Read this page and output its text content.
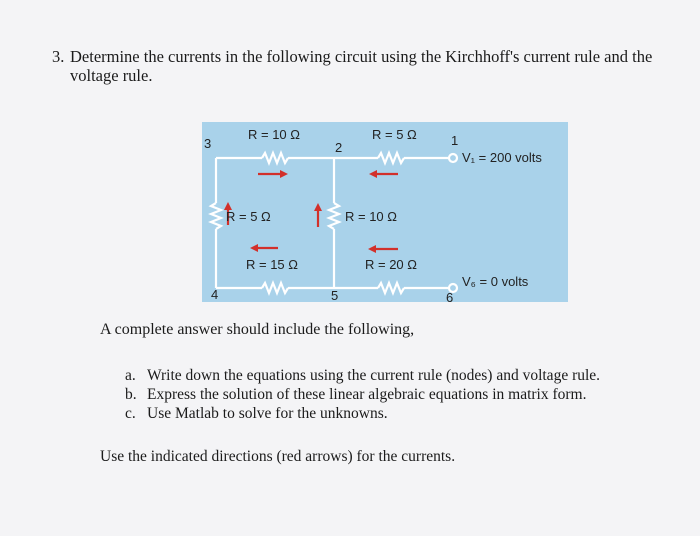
3. Determine the currents in the following circuit using the Kirchhoff's current rule and the voltage rule.
3	2	1
4	5	6
R = 10 Ω	R = 5 Ω
R = 5 Ω	R = 10 Ω
R = 15 Ω	R = 20 Ω
V₁ = 200 volts
V₆ = 0 volts
A complete answer should include the following,
a. Write down the equations using the current rule (nodes) and voltage rule.
b. Express the solution of these linear algebraic equations in matrix form.
c. Use Matlab to solve for the unknowns.
Use the indicated directions (red arrows) for the currents.
